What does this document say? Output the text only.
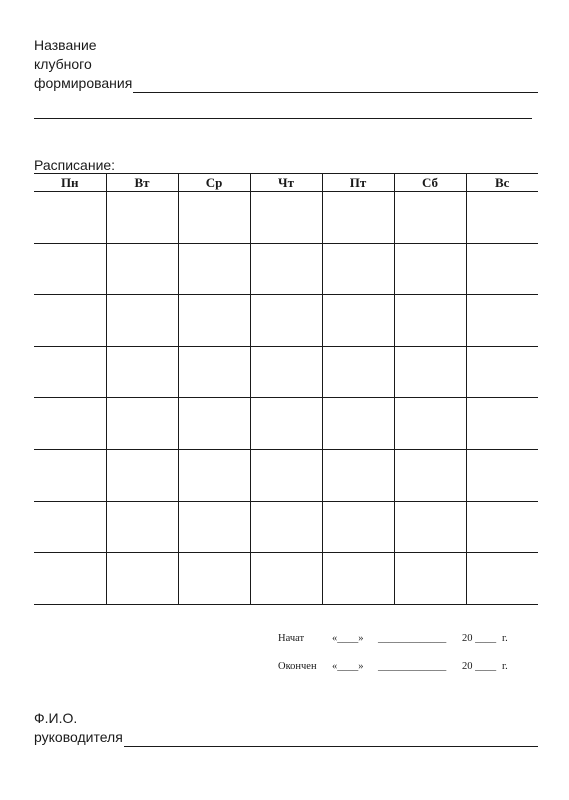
Название
клубного
формирования
Расписание:
Пн	Вт	Ср	Чт	Пт	Сб	Вс

Начат	«____»	_____________	20 ____ г.
Окончен	«____»	_____________	20 ____ г.
Ф.И.О.
руководителя
